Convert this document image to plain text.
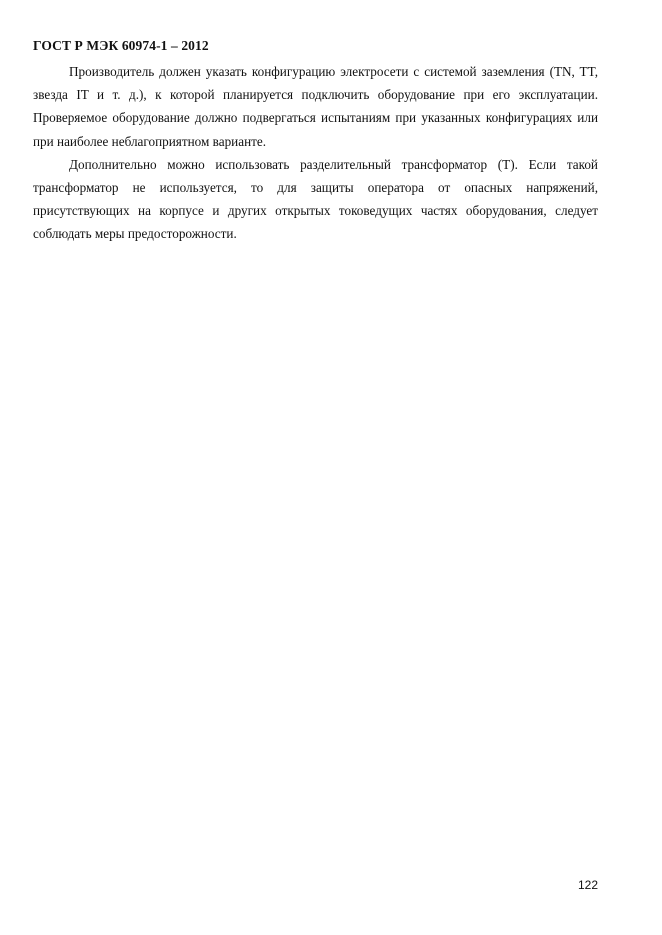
ГОСТ Р МЭК 60974-1 – 2012

Производитель должен указать конфигурацию электросети с системой заземления (TN, TT, звезда IT и т. д.), к которой планируется подключить оборудование при его эксплуатации. Проверяемое оборудование должно подвергаться испытаниям при указанных конфигурациях или при наиболее неблагоприятном варианте.

Дополнительно можно использовать разделительный трансформатор (T). Если такой трансформатор не используется, то для защиты оператора от опасных напряжений, присутствующих на корпусе и других открытых токоведущих частях оборудования, следует соблюдать меры предосторожности.

122
